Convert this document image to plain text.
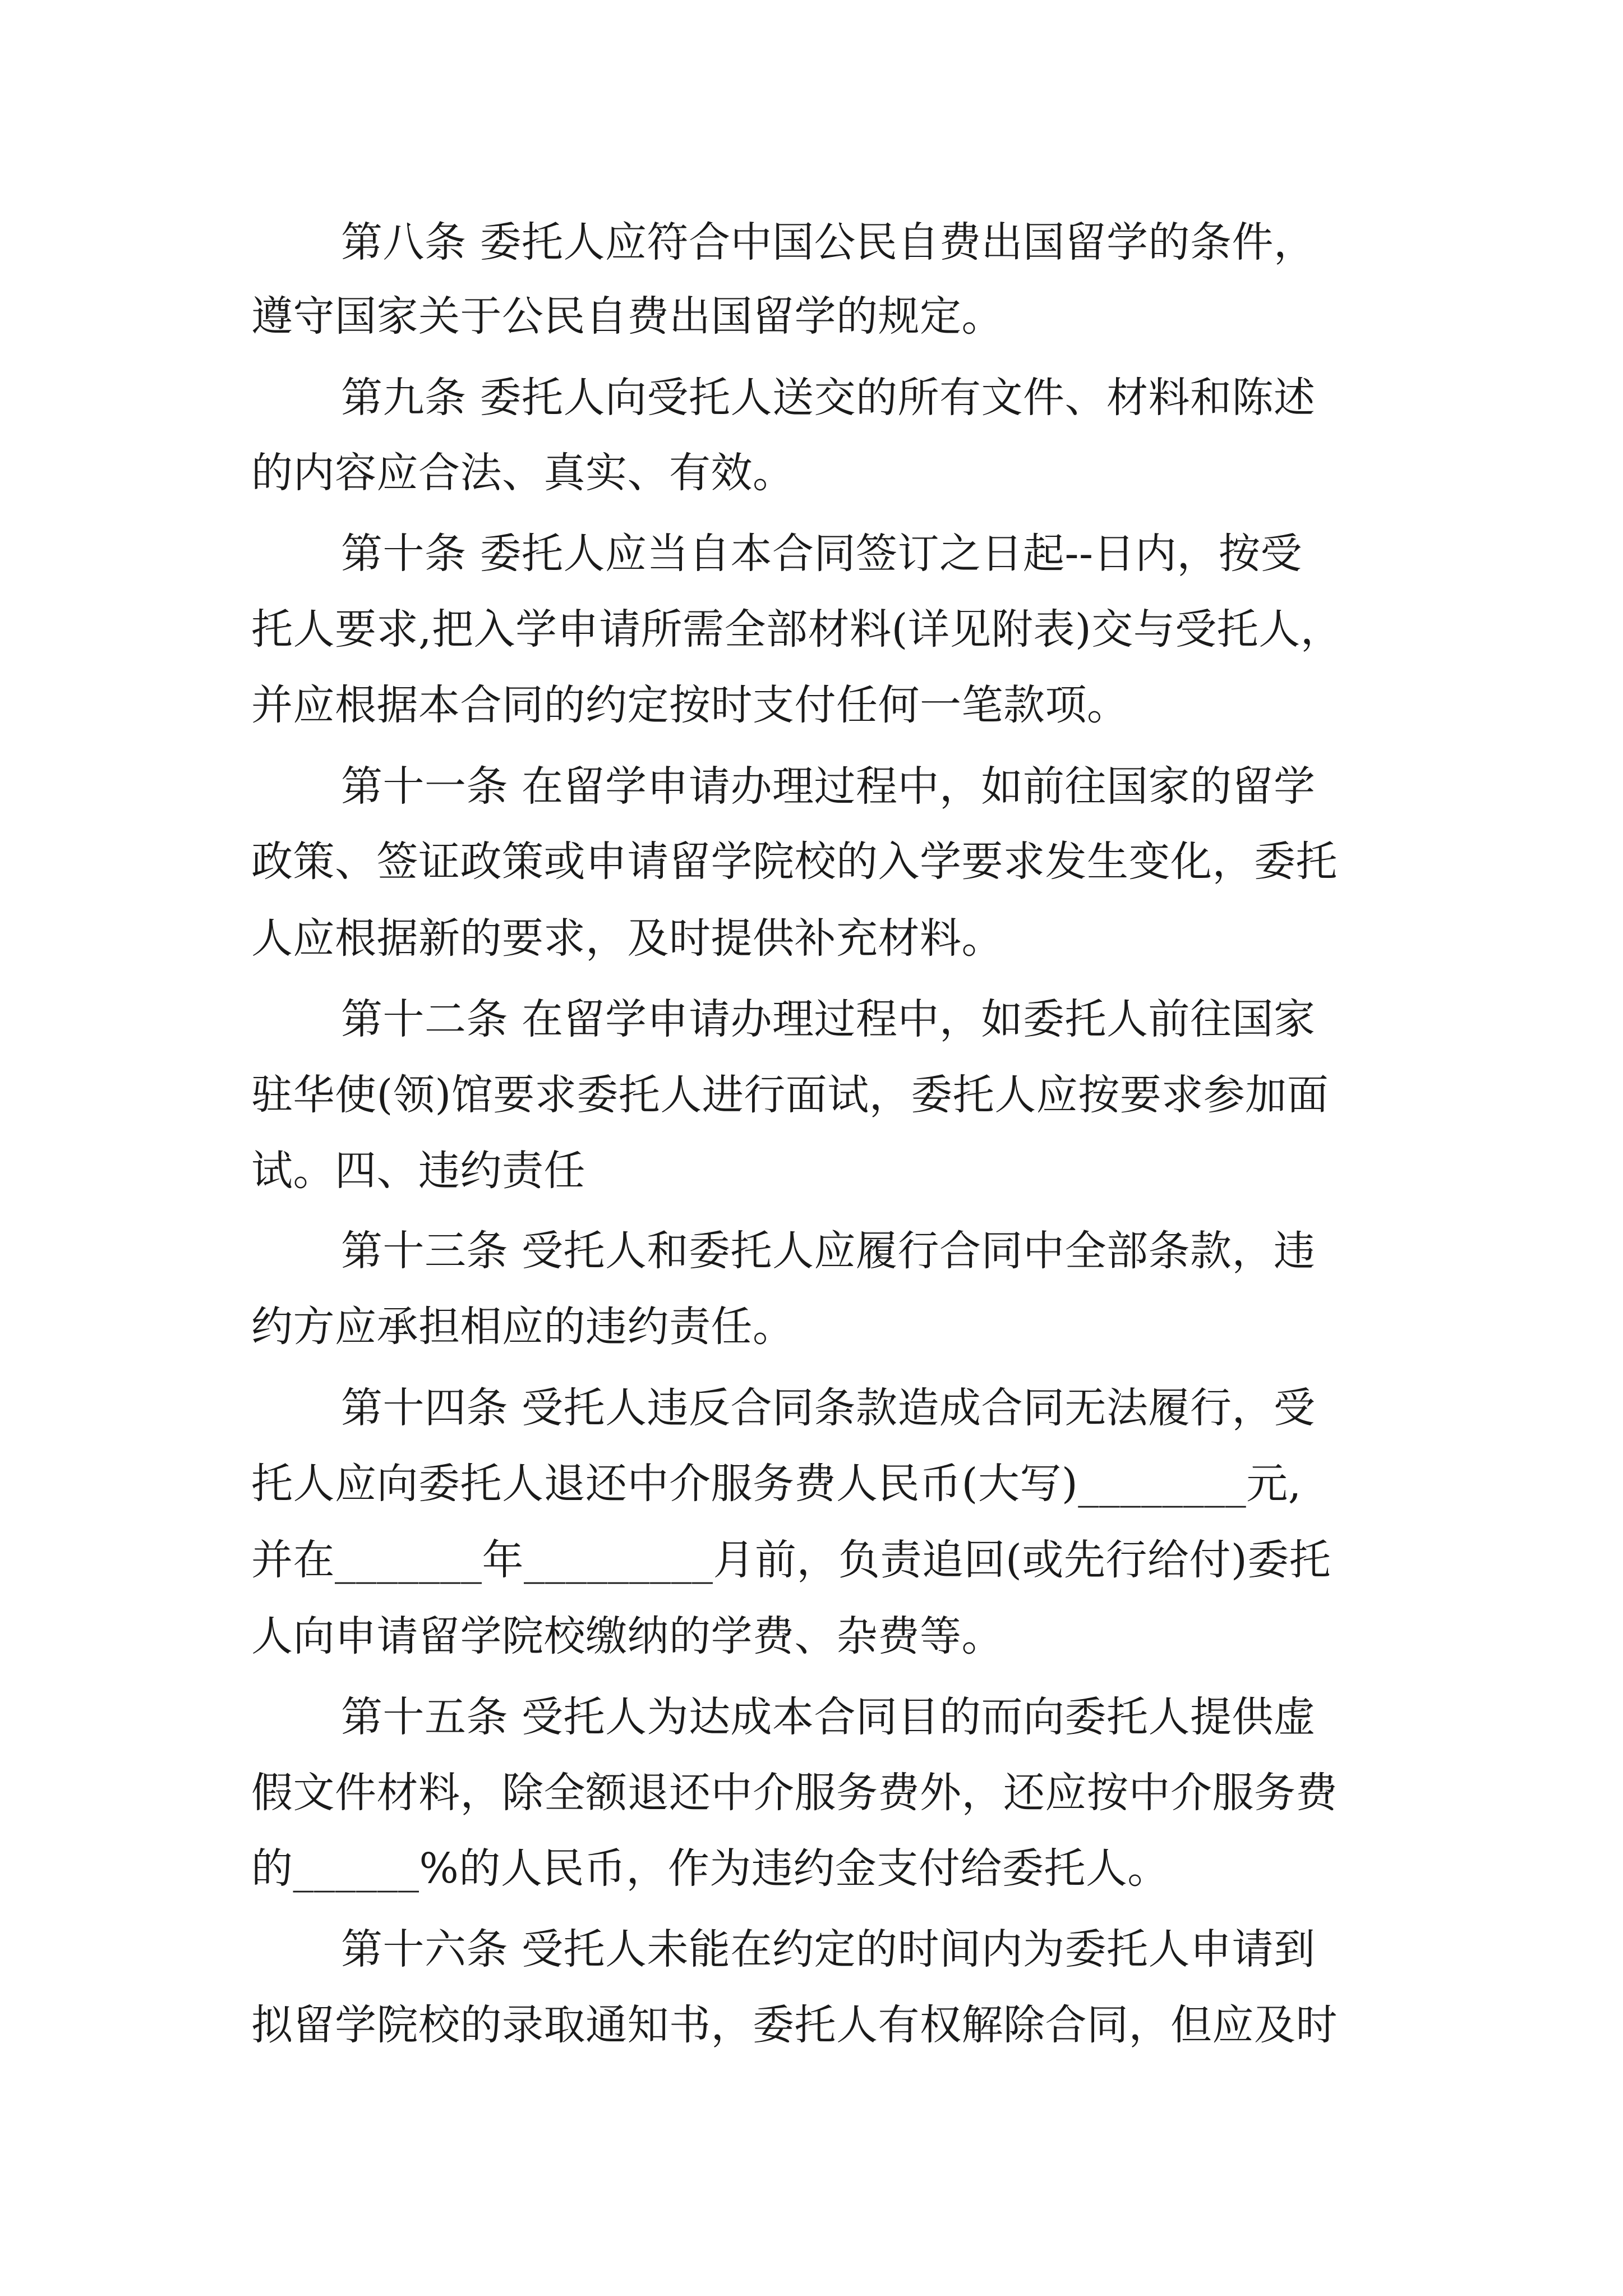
第八条 委托人应符合中国公民自费出国留学的条件，
遵守国家关于公民自费出国留学的规定。
第九条 委托人向受托人送交的所有文件、材料和陈述
的内容应合法、真实、有效。
第十条 委托人应当自本合同签订之日起--日内，按受
托人要求,把入学申请所需全部材料(详见附表)交与受托人，
并应根据本合同的约定按时支付任何一笔款项。
第十一条 在留学申请办理过程中，如前往国家的留学
政策、签证政策或申请留学院校的入学要求发生变化，委托
人应根据新的要求，及时提供补充材料。
第十二条 在留学申请办理过程中，如委托人前往国家
驻华使(领)馆要求委托人进行面试，委托人应按要求参加面
试。四、违约责任
第十三条 受托人和委托人应履行合同中全部条款，违
约方应承担相应的违约责任。
第十四条 受托人违反合同条款造成合同无法履行，受
托人应向委托人退还中介服务费人民币(大写)________元,
并在_______年_________月前，负责追回(或先行给付)委托
人向申请留学院校缴纳的学费、杂费等。
第十五条 受托人为达成本合同目的而向委托人提供虚
假文件材料，除全额退还中介服务费外，还应按中介服务费
的______%的人民币，作为违约金支付给委托人。
第十六条 受托人未能在约定的时间内为委托人申请到
拟留学院校的录取通知书，委托人有权解除合同，但应及时
